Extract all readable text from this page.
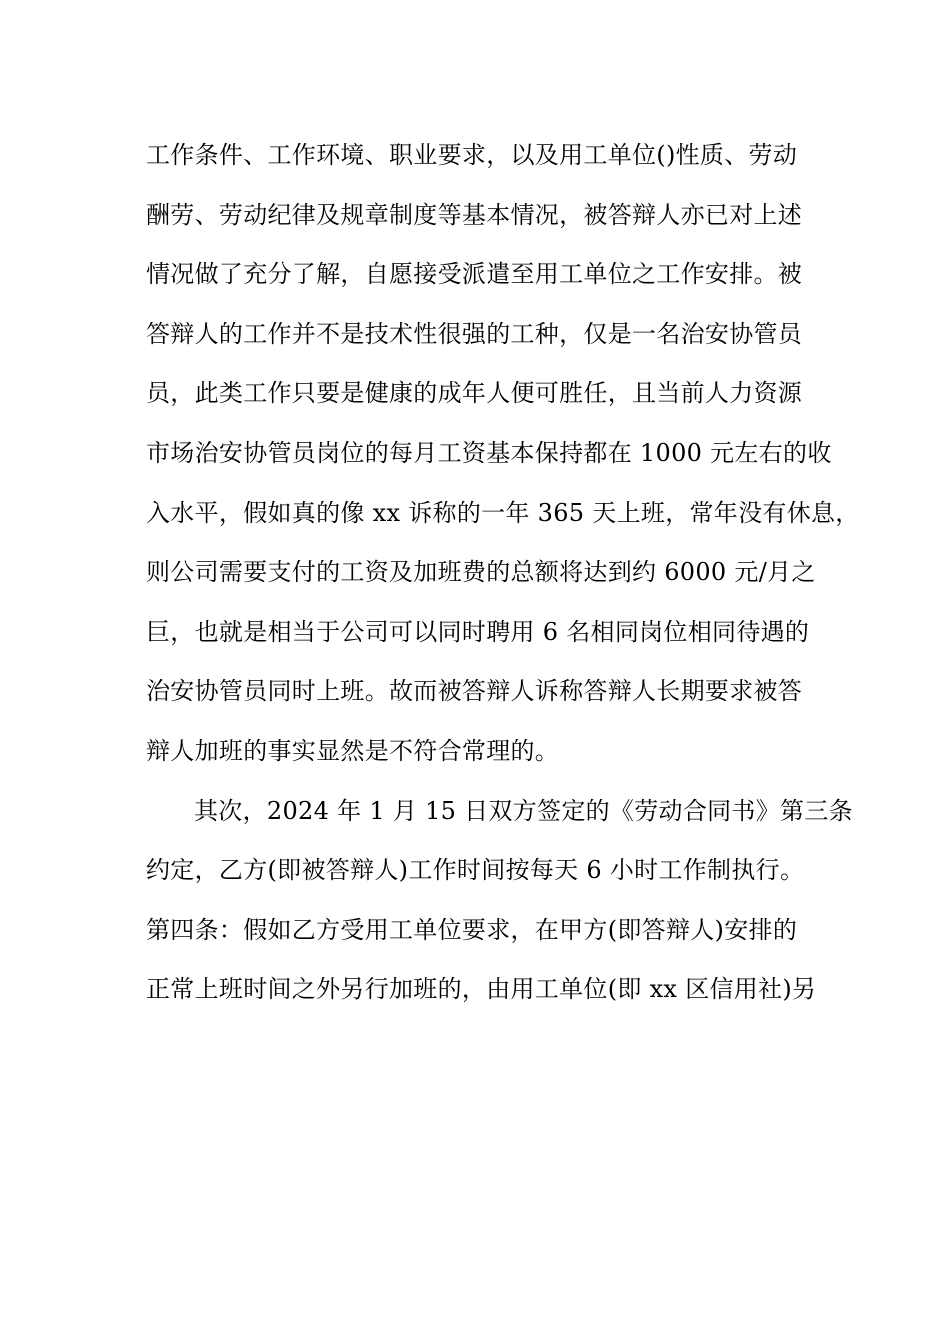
工作条件、工作环境、职业要求，以及用工单位()性质、劳动
酬劳、劳动纪律及规章制度等基本情况，被答辩人亦已对上述
情况做了充分了解，自愿接受派遣至用工单位之工作安排。被
答辩人的工作并不是技术性很强的工种，仅是一名治安协管员
员，此类工作只要是健康的成年人便可胜任，且当前人力资源
市场治安协管员岗位的每月工资基本保持都在 1000 元左右的收
入水平，假如真的像 xx 诉称的一年 365 天上班，常年没有休息，
则公司需要支付的工资及加班费的总额将达到约 6000 元/月之
巨，也就是相当于公司可以同时聘用 6 名相同岗位相同待遇的
治安协管员同时上班。故而被答辩人诉称答辩人长期要求被答
辩人加班的事实显然是不符合常理的。
其次，2024 年 1 月 15 日双方签定的《劳动合同书》第三条
约定，乙方(即被答辩人)工作时间按每天 6 小时工作制执行。
第四条：假如乙方受用工单位要求，在甲方(即答辩人)安排的
正常上班时间之外另行加班的，由用工单位(即 xx 区信用社)另
